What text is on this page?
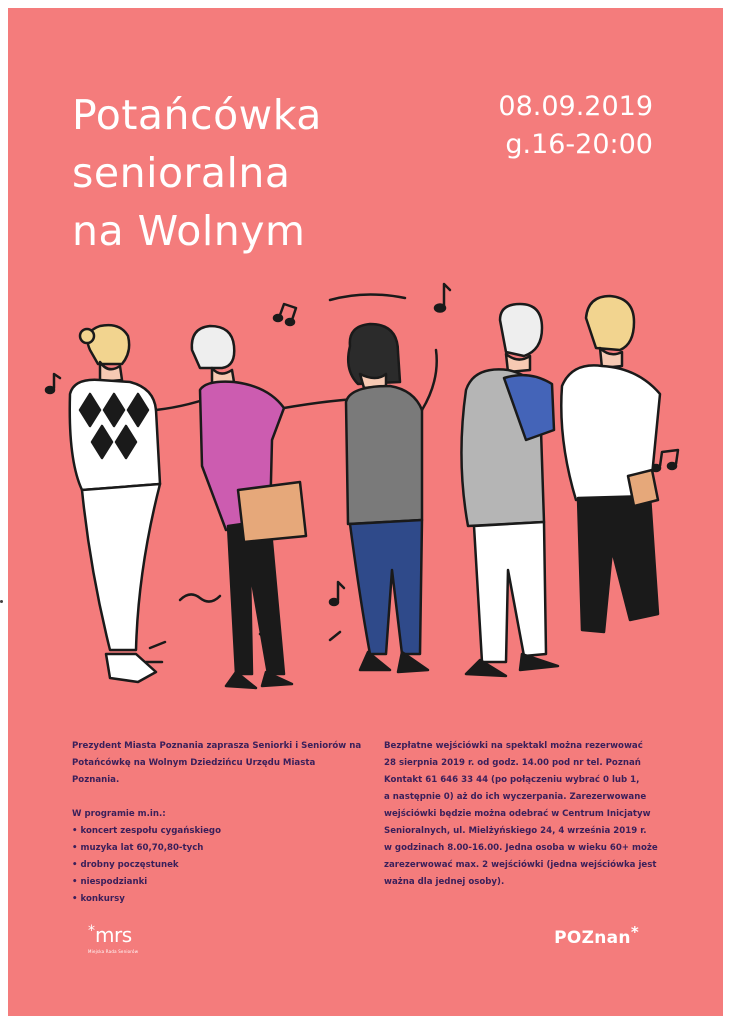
Potańcówka
senioralna
na Wolnym
08.09.2019
g.16-20:00

Prezydent Miasta Poznania zaprasza Seniorki i Seniorów na

Potańcówkę na Wolnym Dziedzińcu Urzędu Miasta Poznania.

W programie m.in.:

• koncert zespołu cygańskiego

• muzyka lat 60,70,80-tych

• drobny poczęstunek

• niespodzianki

• konkursy

Bezpłatne wejściówki na spektakl można rezerwować

28 sierpnia 2019 r. od godz. 14.00 pod nr tel. Poznań

Kontakt 61 646 33 44 (po połączeniu wybrać 0 lub 1,

a następnie 0) aż do ich wyczerpania. Zarezerwowane

wejściówki będzie można odebrać w Centrum Inicjatyw

Senioralnych, ul. Mielżyńskiego 24, 4 września 2019 r.

w godzinach 8.00-16.00. Jedna osoba w wieku 60+ może

zarezerwować max. 2 wejściówki (jedna wejściówka jest

ważna dla jednej osoby).

*mrs
Miejska Rada Seniorów
POZnan*
